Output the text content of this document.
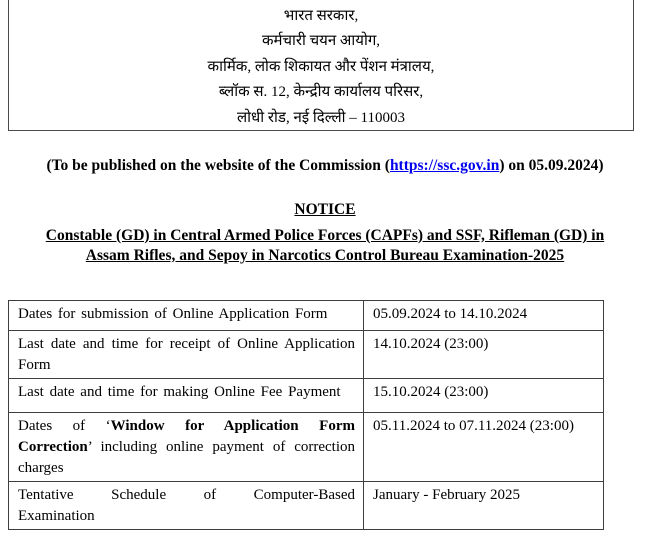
भारत सरकार,
कर्मचारी चयन आयोग,
कार्मिक, लोक शिकायत और पेंशन मंत्रालय,
ब्लॉक स. 12, केन्द्रीय कार्यालय परिसर,
लोधी रोड, नई दिल्ली – 110003
(To be published on the website of the Commission (https://ssc.gov.in) on 05.09.2024)
NOTICE
Constable (GD) in Central Armed Police Forces (CAPFs) and SSF, Rifleman (GD) in Assam Rifles, and Sepoy in Narcotics Control Bureau Examination-2025
Dates for submission of Online Application Form	05.09.2024 to 14.10.2024
Last date and time for receipt of Online Application Form	14.10.2024 (23:00)
Last date and time for making Online Fee Payment	15.10.2024 (23:00)
Dates of ‘Window for Application Form Correction’ including online payment of correction charges	05.11.2024 to 07.11.2024 (23:00)
Tentative Schedule of Computer-Based Examination	January - February 2025
